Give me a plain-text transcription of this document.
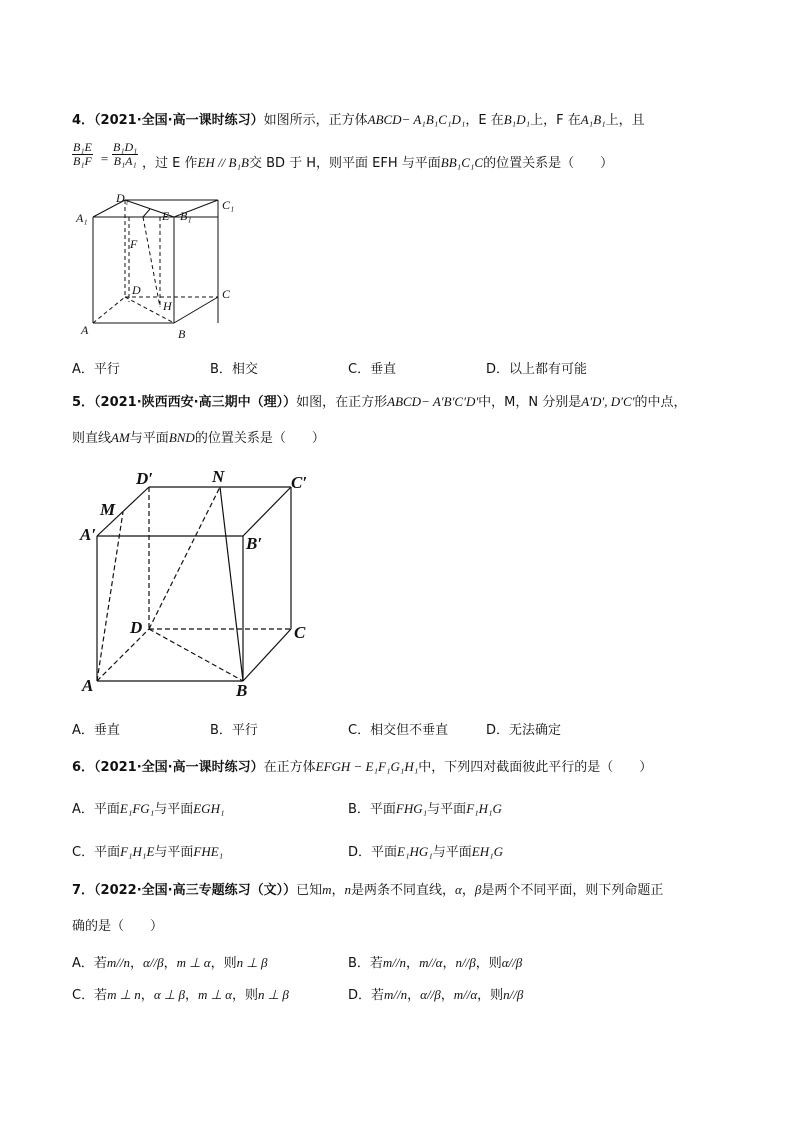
4．（2021·全国·高一课时练习）如图所示，正方体ABCD− A₁B₁C₁D₁，E 在B₁D₁上，F 在A₁B₁上，且
$\frac{\text{B₁E}}{\text{B₁F}} = \frac{\text{B₁D₁}}{\text{B₁A₁}}$ ，过 E 作EH // B₁B交 BD 于 H，则平面 EFH 与平面BB₁C₁C的位置关系是（　　）
D₁	C₁
A₁	B₁
E
F
D
H
C
A	B
A．平行	B．相交	C．垂直	D．以上都有可能
5．（2021·陕西西安·高三期中（理））如图，在正方形ABCD− A′B′C′D′中，M，N 分别是A′D′, D′C′的中点，
则直线AM与平面BND的位置关系是（　　）
D′	N	C′
M
A′	B′
D	C
A	B
A．垂直	B．平行	C．相交但不垂直	D．无法确定
6．（2021·全国·高一课时练习）在正方体EFGH − E₁F₁G₁H₁中，下列四对截面彼此平行的是（　　）
A．平面E₁FG₁与平面EGH₁	B．平面FHG₁与平面F₁H₁G
C．平面F₁H₁E与平面FHE₁	D．平面E₁HG₁与平面EH₁G
7．（2022·全国·高三专题练习（文））已知m，n是两条不同直线，α，β是两个不同平面，则下列命题正
确的是（　　）
A．若m//n，α//β，m ⊥ α，则n ⊥ β	B．若m//n，m//α，n//β，则α//β
C．若m ⊥ n，α ⊥ β，m ⊥ α，则n ⊥ β	D．若m//n，α//β，m//α，则n//β
